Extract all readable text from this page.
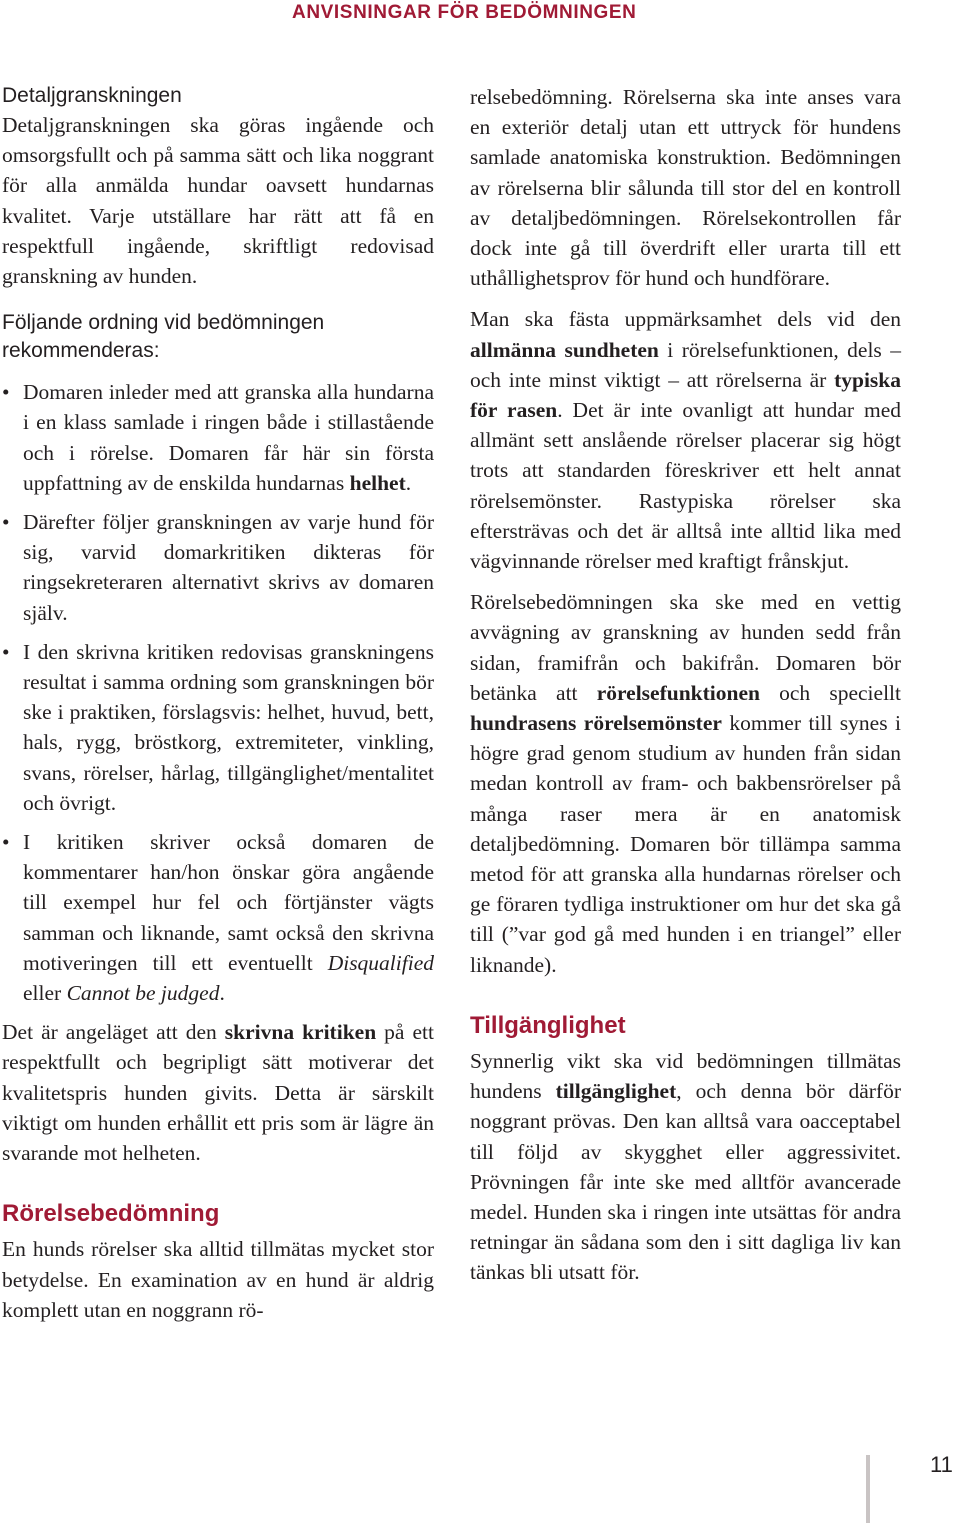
ANVISNINGAR FÖR BEDÖMNINGEN
Detaljgranskningen

Detaljgranskningen ska göras ingående och omsorgsfullt och på samma sätt och lika noggrant för alla anmälda hundar oavsett hundarnas kvalitet. Varje utställare har rätt att få en respektfull ingående, skriftligt redovisad granskning av hunden.

Följande ordning vid bedömningen rekommenderas:
• Domaren inleder med att granska alla hundarna i en klass samlade i ringen både i stillastående och i rörelse. Domaren får här sin första uppfattning av de enskilda hundarnas helhet.
• Därefter följer granskningen av varje hund för sig, varvid domarkritiken dikteras för ringsekreteraren alternativt skrivs av domaren själv.
• I den skrivna kritiken redovisas granskningens resultat i samma ordning som granskningen bör ske i praktiken, förslagsvis: helhet, huvud, bett, hals, rygg, bröstkorg, extremiteter, vinkling, svans, rörelser, hårlag, tillgänglighet/mentalitet och övrigt.
• I kritiken skriver också domaren de kommentarer han/hon önskar göra angående till exempel hur fel och förtjänster vägts samman och liknande, samt också den skrivna motiveringen till ett eventuellt Disqualified eller Cannot be judged.

Det är angeläget att den skrivna kritiken på ett respektfullt och begripligt sätt motiverar det kvalitetspris hunden givits. Detta är särskilt viktigt om hunden erhållit ett pris som är lägre än svarande mot helheten.

Rörelsebedömning

En hunds rörelser ska alltid tillmätas mycket stor betydelse. En examination av en hund är aldrig komplett utan en noggrann rö-

relsebedömning. Rörelserna ska inte anses vara en exteriör detalj utan ett uttryck för hundens samlade anatomiska konstruktion. Bedömningen av rörelserna blir sålunda till stor del en kontroll av detaljbedömningen. Rörelsekontrollen får dock inte gå till överdrift eller urarta till ett uthållighetsprov för hund och hundförare.

Man ska fästa uppmärksamhet dels vid den allmänna sundheten i rörelsefunktionen, dels – och inte minst viktigt – att rörelserna är typiska för rasen. Det är inte ovanligt att hundar med allmänt sett anslående rörelser placerar sig högt trots att standarden föreskriver ett helt annat rörelsemönster. Rastypiska rörelser ska eftersträvas och det är alltså inte alltid lika med vägvinnande rörelser med kraftigt frånskjut.

Rörelsebedömningen ska ske med en vettig avvägning av granskning av hunden sedd från sidan, framifrån och bakifrån. Domaren bör betänka att rörelsefunktionen och speciellt hundrasens rörelsemönster kommer till synes i högre grad genom studium av hunden från sidan medan kontroll av fram- och bakbensrörelser på många raser mera är en anatomisk detaljbedömning. Domaren bör tillämpa samma metod för att granska alla hundarnas rörelser och ge föraren tydliga instruktioner om hur det ska gå till (”var god gå med hunden i en triangel” eller liknande).

Tillgänglighet

Synnerlig vikt ska vid bedömningen tillmätas hundens tillgänglighet, och denna bör därför noggrant prövas. Den kan alltså vara oacceptabel till följd av skygghet eller aggressivitet. Prövningen får inte ske med alltför avancerade medel. Hunden ska i ringen inte utsättas för andra retningar än sådana som den i sitt dagliga liv kan tänkas bli utsatt för.

11
